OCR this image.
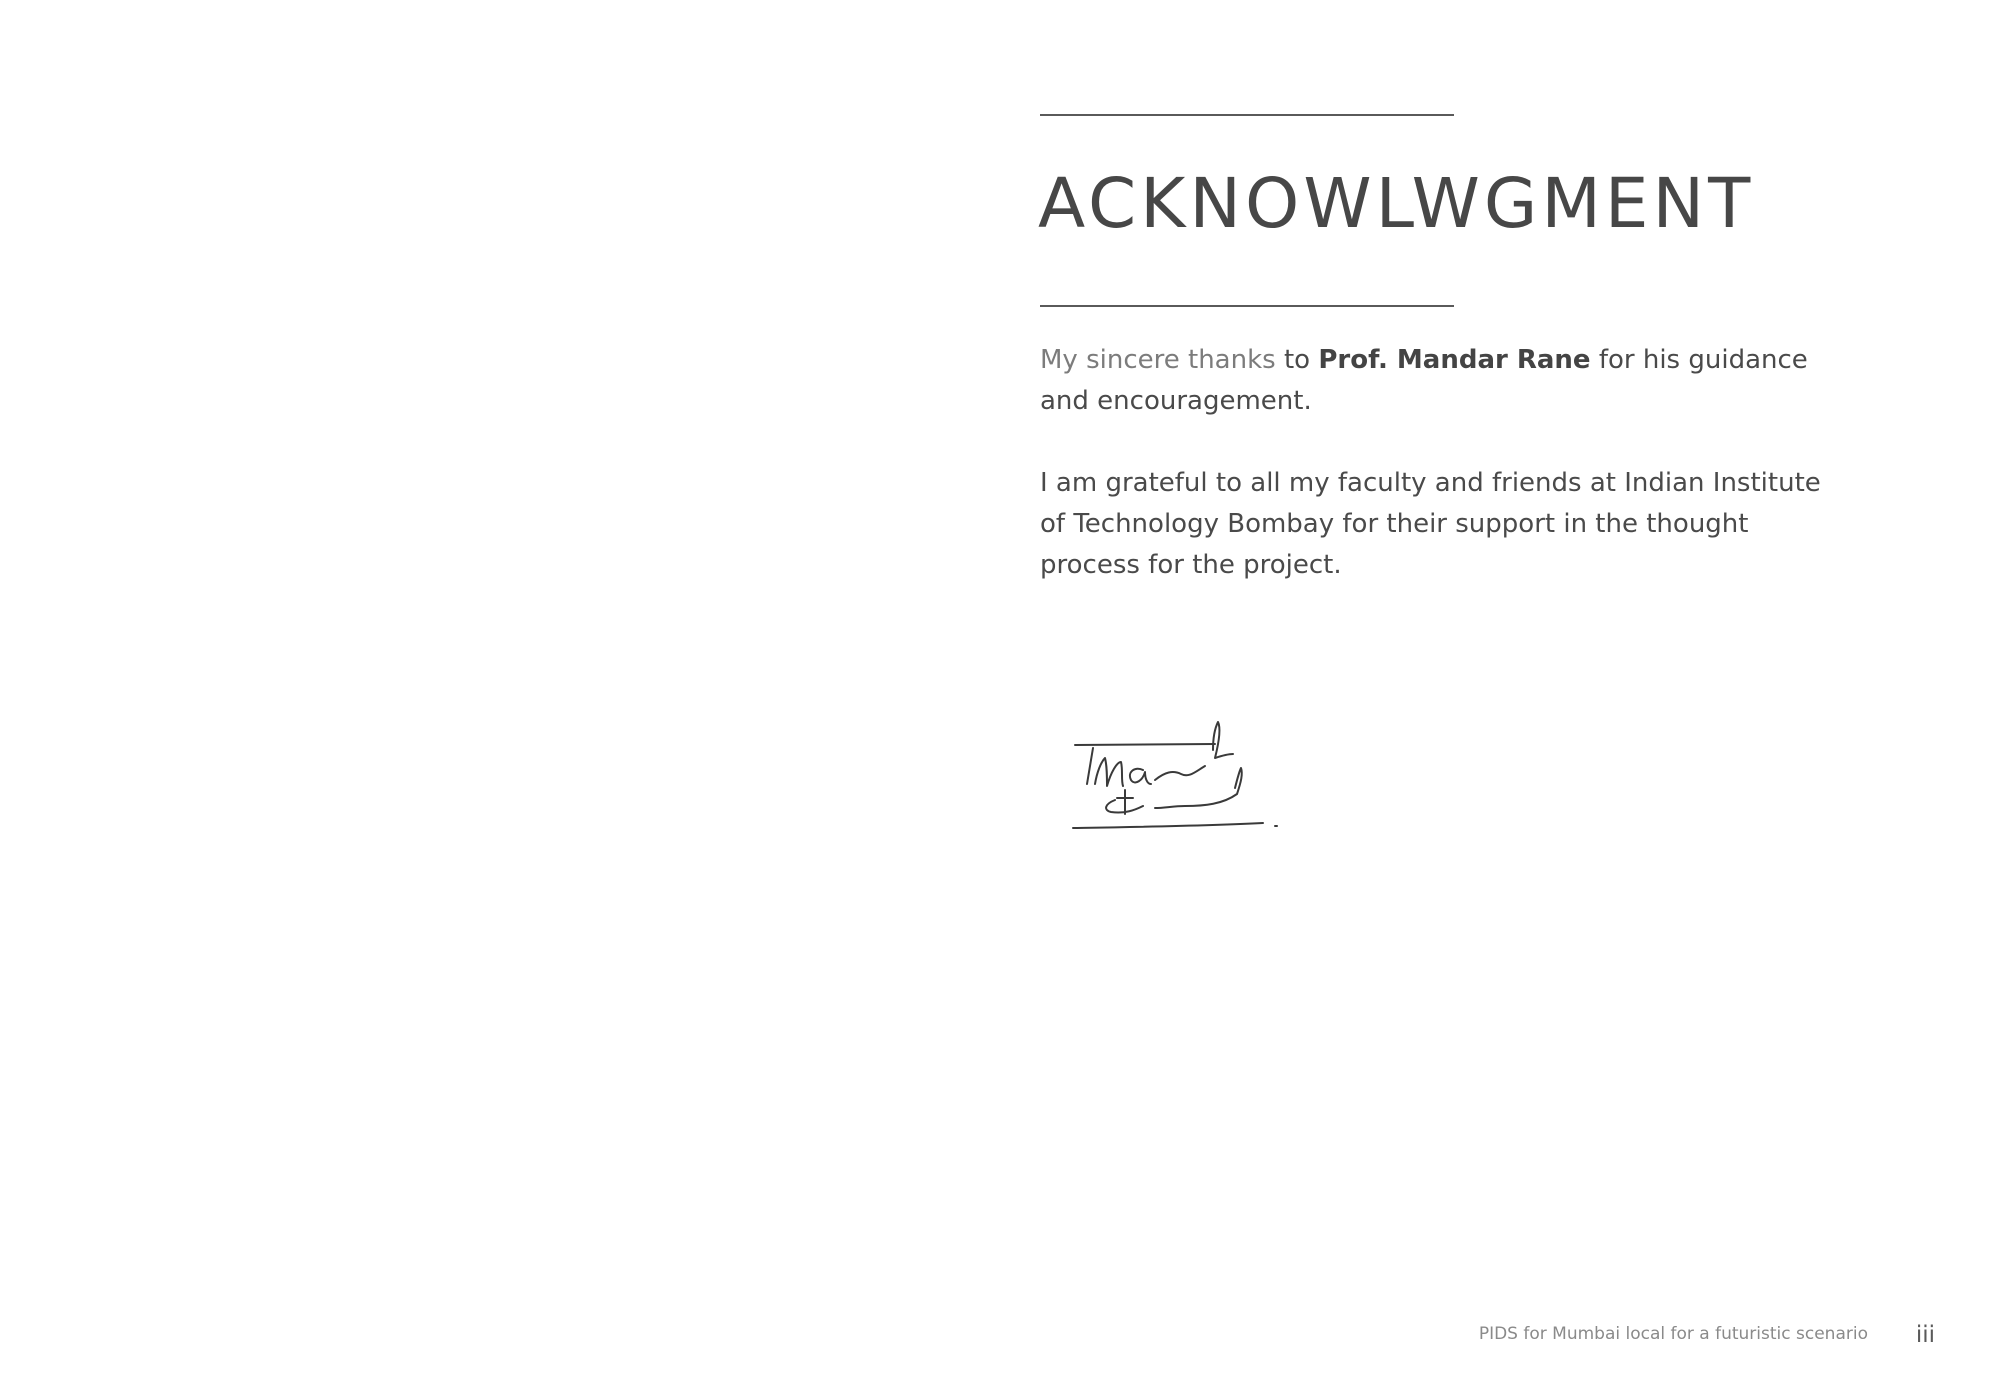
ACKNOWLWGMENT

My sincere thanks to Prof. Mandar Rane for his guidance and encouragement.

I am grateful to all my faculty and friends at Indian Institute of Technology Bombay for their support in the thought process for the project.

PIDS for Mumbai local for a futuristic scenario iii
